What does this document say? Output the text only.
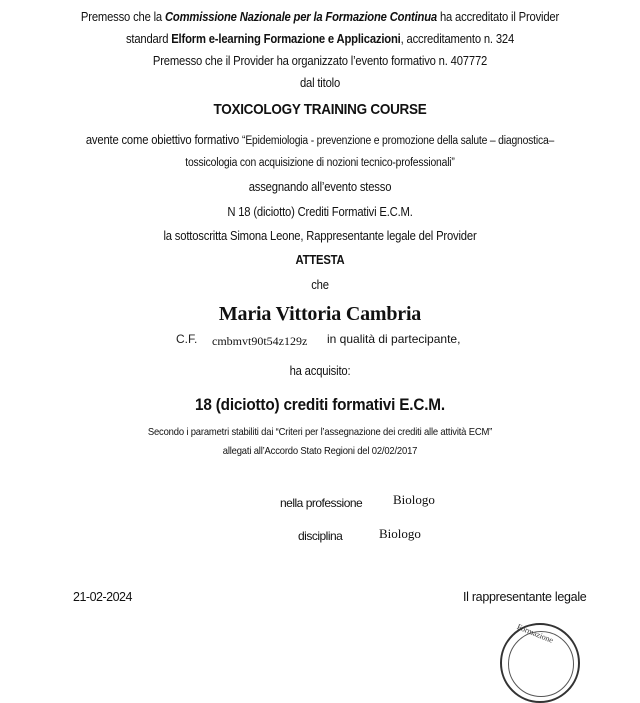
Premesso che la Commissione Nazionale per la Formazione Continua ha accreditato il Provider
standard Elform e-learning Formazione e Applicazioni, accreditamento n. 324
Premesso che il Provider ha organizzato l’evento formativo n. 407772
dal titolo
TOXICOLOGY TRAINING COURSE
avente come obiettivo formativo “Epidemiologia - prevenzione e promozione della salute – diagnostica–
tossicologia con acquisizione di nozioni tecnico-professionali”
assegnando all’evento stesso
N 18 (diciotto) Crediti Formativi E.C.M.
la sottoscritta Simona Leone, Rappresentante legale del Provider
ATTESTA
che
Maria Vittoria Cambria
C.F. cmbmvt90t54z129z in qualità di partecipante,
ha acquisito:
18 (diciotto) crediti formativi E.C.M.
Secondo i parametri stabiliti dai “Criteri per l’assegnazione dei crediti alle attività ECM”
allegati all’Accordo Stato Regioni del 02/02/2017
nella professione Biologo
disciplina	Biologo
21-02-2024	Il rappresentante legale
Formazione
